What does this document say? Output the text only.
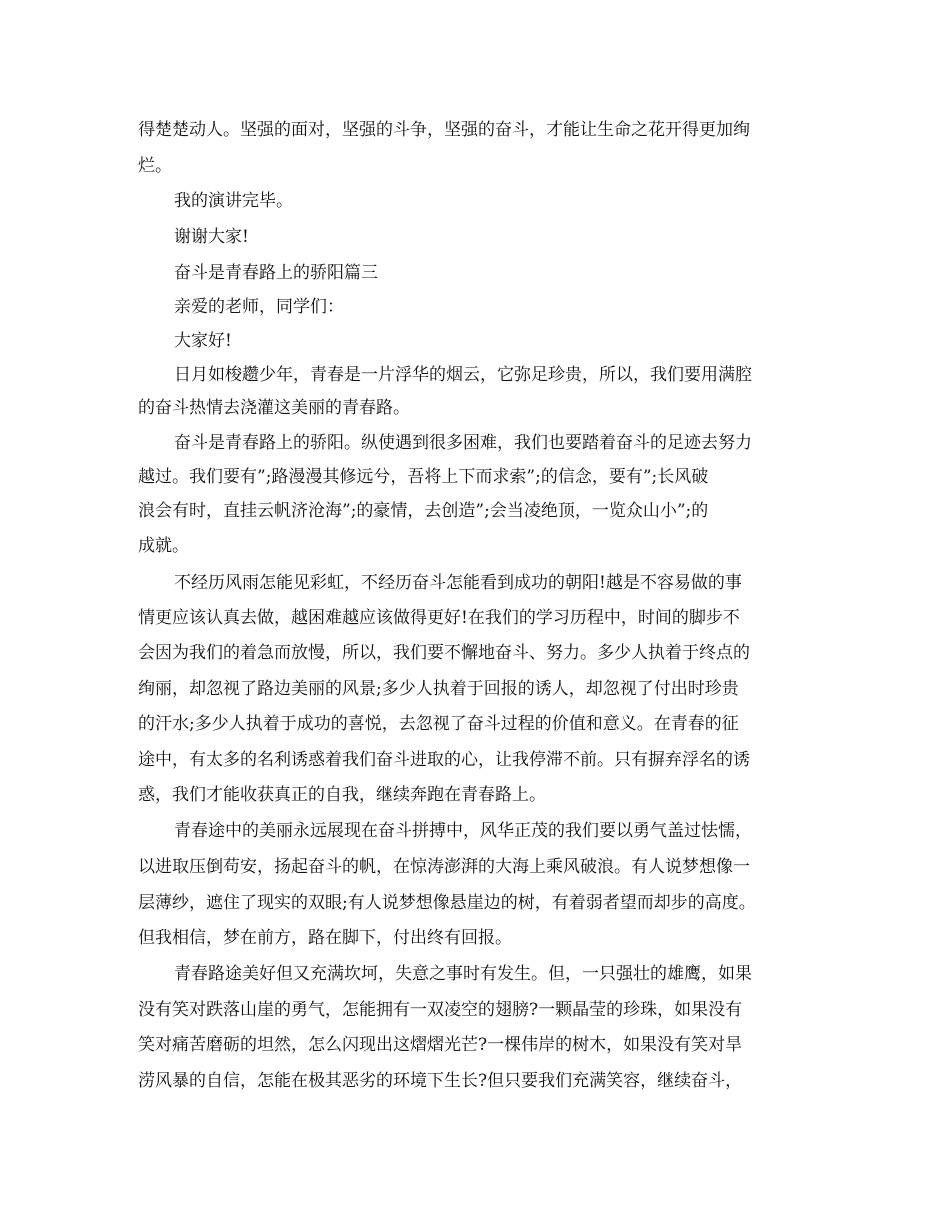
得楚楚动人。坚强的面对，坚强的斗争，坚强的奋斗，才能让生命之花开得更加绚

烂。

我的演讲完毕。

谢谢大家!

奋斗是青春路上的骄阳篇三

亲爱的老师，同学们：

大家好!

日月如梭趱少年，青春是一片浮华的烟云，它弥足珍贵，所以，我们要用满腔

的奋斗热情去浇灌这美丽的青春路。

奋斗是青春路上的骄阳。纵使遇到很多困难，我们也要踏着奋斗的足迹去努力

越过。我们要有”;路漫漫其修远兮，吾将上下而求索”;的信念，要有”;长风破

浪会有时，直挂云帆济沧海”;的豪情，去创造”;会当凌绝顶，一览众山小”;的

成就。

不经历风雨怎能见彩虹，不经历奋斗怎能看到成功的朝阳!越是不容易做的事

情更应该认真去做，越困难越应该做得更好!在我们的学习历程中，时间的脚步不

会因为我们的着急而放慢，所以，我们要不懈地奋斗、努力。多少人执着于终点的

绚丽，却忽视了路边美丽的风景;多少人执着于回报的诱人，却忽视了付出时珍贵

的汗水;多少人执着于成功的喜悦，去忽视了奋斗过程的价值和意义。在青春的征

途中，有太多的名利诱惑着我们奋斗进取的心，让我停滞不前。只有摒弃浮名的诱

惑，我们才能收获真正的自我，继续奔跑在青春路上。

青春途中的美丽永远展现在奋斗拼搏中，风华正茂的我们要以勇气盖过怯懦，

以进取压倒苟安，扬起奋斗的帆，在惊涛澎湃的大海上乘风破浪。有人说梦想像一

层薄纱，遮住了现实的双眼;有人说梦想像悬崖边的树，有着弱者望而却步的高度。

但我相信，梦在前方，路在脚下，付出终有回报。

青春路途美好但又充满坎坷，失意之事时有发生。但，一只强壮的雄鹰，如果

没有笑对跌落山崖的勇气，怎能拥有一双凌空的翅膀?一颗晶莹的珍珠，如果没有

笑对痛苦磨砺的坦然，怎么闪现出这熠熠光芒?一棵伟岸的树木，如果没有笑对旱

涝风暴的自信，怎能在极其恶劣的环境下生长?但只要我们充满笑容，继续奋斗，
